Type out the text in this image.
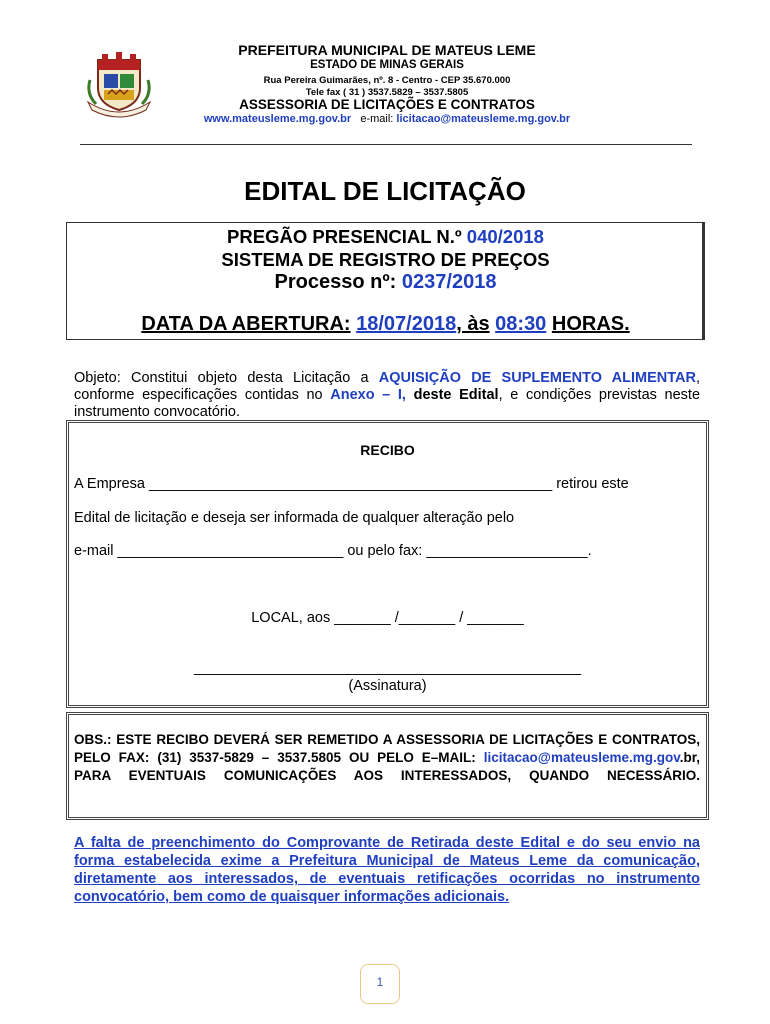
PREFEITURA MUNICIPAL DE MATEUS LEME
ESTADO DE MINAS GERAIS
Rua Pereira Guimarães, nº. 8 - Centro - CEP 35.670.000
Tele fax ( 31 ) 3537.5829 – 3537.5805
ASSESSORIA DE LICITAÇÕES E CONTRATOS
www.mateusleme.mg.gov.br e-mail: licitacao@mateusleme.mg.gov.br
EDITAL DE LICITAÇÃO
PREGÃO PRESENCIAL N.º 040/2018
SISTEMA DE REGISTRO DE PREÇOS
Processo nº: 0237/2018
DATA DA ABERTURA: 18/07/2018, às 08:30 HORAS.
Objeto: Constitui objeto desta Licitação a AQUISIÇÃO DE SUPLEMENTO ALIMENTAR, conforme especificações contidas no Anexo – I, deste Edital, e condições previstas neste instrumento convocatório.
RECIBO
A Empresa __________________________________________________ retirou este
Edital de licitação e deseja ser informada de qualquer alteração pelo
e-mail ____________________________ ou pelo fax: ____________________.
LOCAL, aos _______ /_______ / _______
________________________________________________
(Assinatura)
OBS.: ESTE RECIBO DEVERÁ SER REMETIDO A ASSESSORIA DE LICITAÇÕES E CONTRATOS, PELO FAX: (31) 3537-5829 – 3537.5805 OU PELO E–MAIL: licitacao@mateusleme.mg.gov.br, PARA EVENTUAIS COMUNICAÇÕES AOS INTERESSADOS, QUANDO NECESSÁRIO.
A falta de preenchimento do Comprovante de Retirada deste Edital e do seu envio na forma estabelecida exime a Prefeitura Municipal de Mateus Leme da comunicação, diretamente aos interessados, de eventuais retificações ocorridas no instrumento convocatório, bem como de quaisquer informações adicionais.
1
